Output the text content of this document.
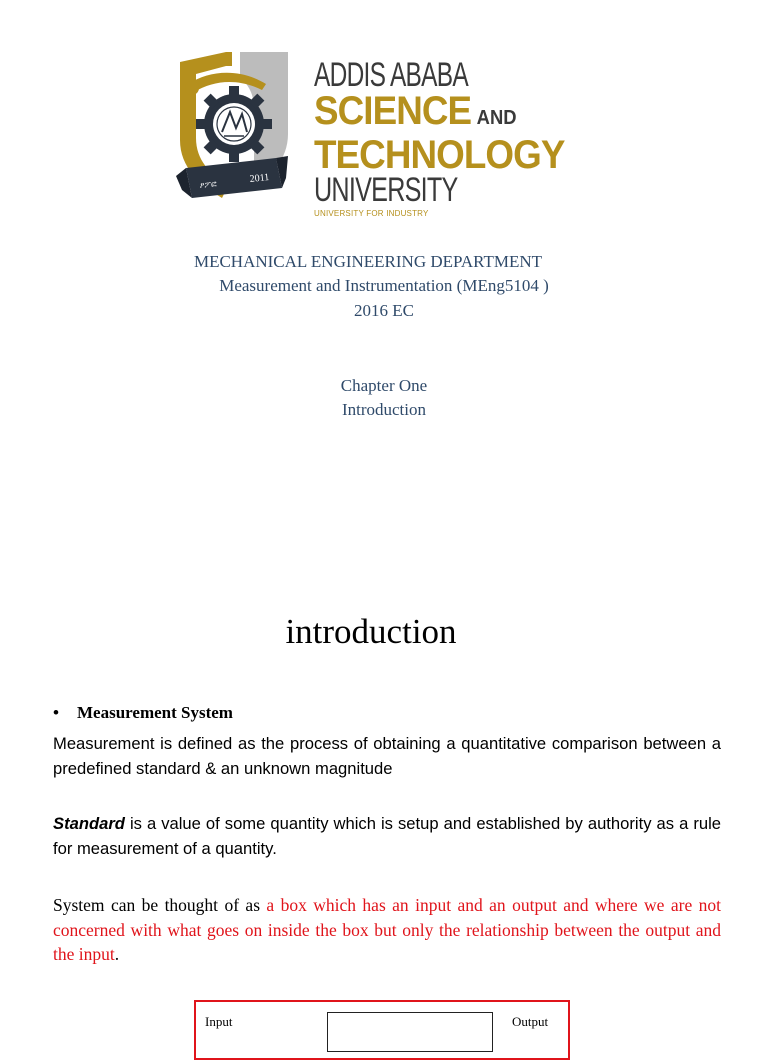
ፆፖፎ	2011
ADDIS ABABA
SCIENCE AND
TECHNOLOGY
UNIVERSITY
UNIVERSITY FOR INDUSTRY
MECHANICAL ENGINEERING DEPARTMENT
Measurement and Instrumentation (MEng5104 )
2016 EC
Chapter One
Introduction
introduction
• Measurement System
Measurement is defined as the process of obtaining a quantitative comparison between a predefined standard & an unknown magnitude
Standard is a value of some quantity which is setup and established by authority as a rule for measurement of a quantity.
System can be thought of as a box which has an input and an output and where we are not concerned with what goes on inside the box but only the relationship between the output and the input.
Input	Output
